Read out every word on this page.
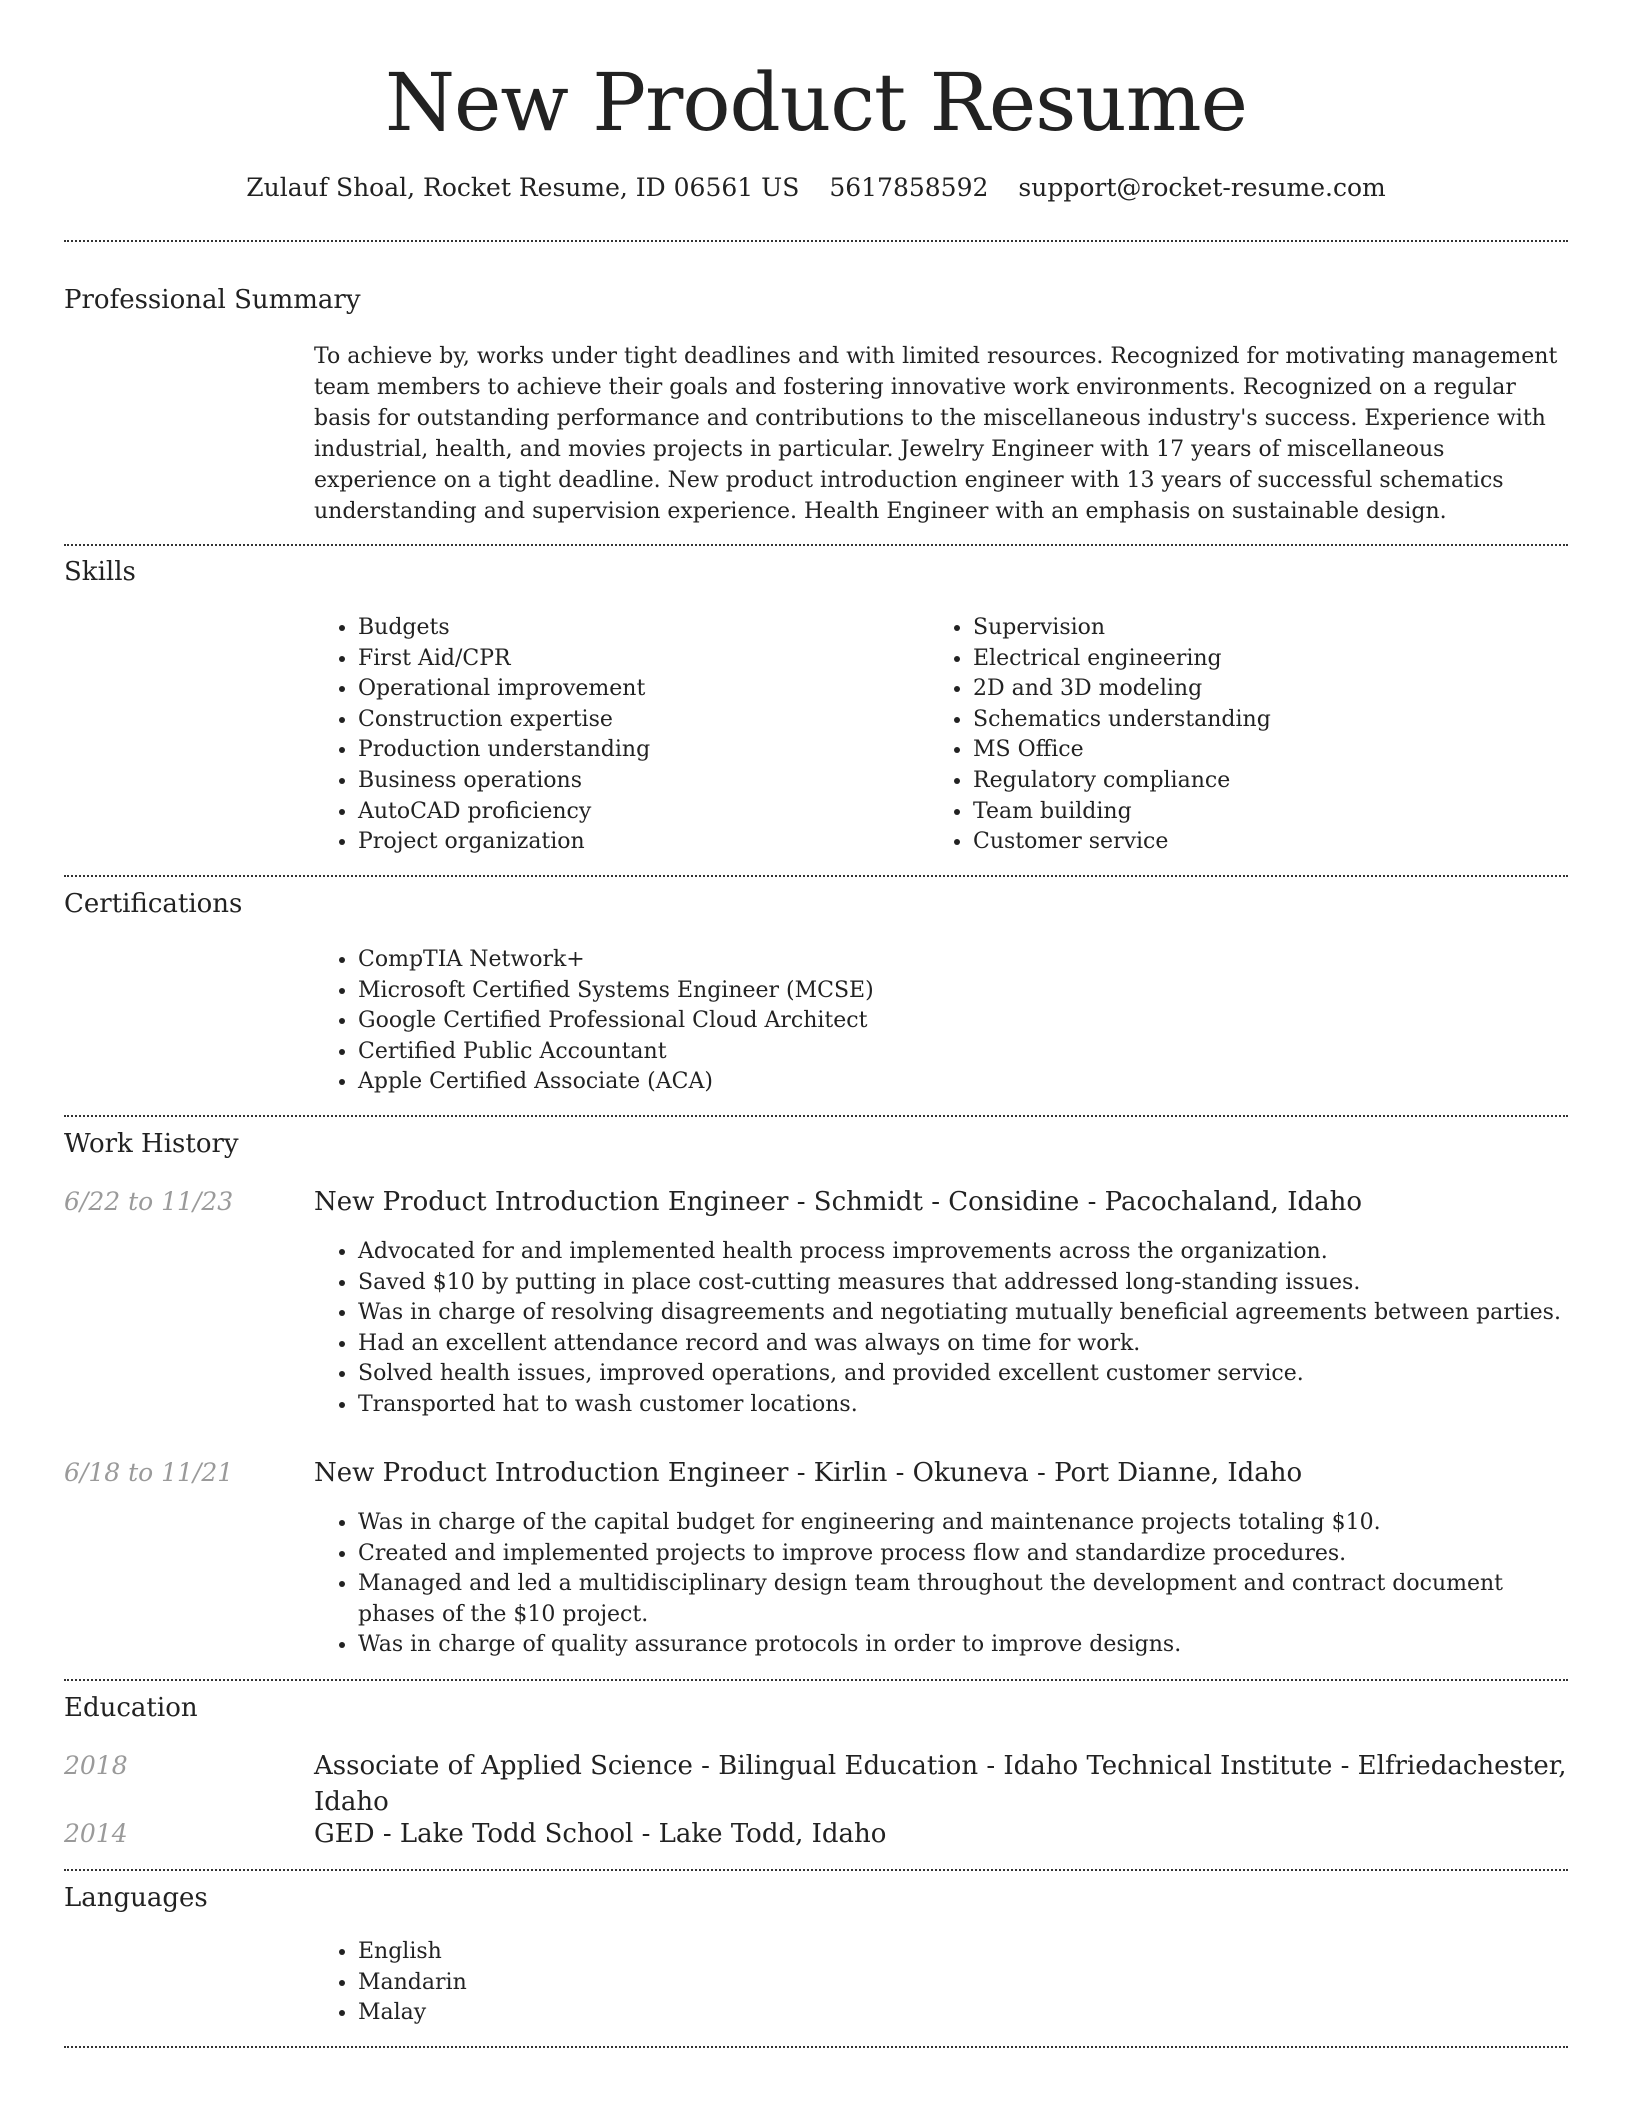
New Product Resume
Zulauf Shoal, Rocket Resume, ID 06561 US 5617858592 support@rocket-resume.com
Professional Summary
To achieve by, works under tight deadlines and with limited resources. Recognized for motivating management team members to achieve their goals and fostering innovative work environments. Recognized on a regular basis for outstanding performance and contributions to the miscellaneous industry's success. Experience with industrial, health, and movies projects in particular. Jewelry Engineer with 17 years of miscellaneous experience on a tight deadline. New product introduction engineer with 13 years of successful schematics understanding and supervision experience. Health Engineer with an emphasis on sustainable design.
Skills
• Budgets
• First Aid/CPR
• Operational improvement
• Construction expertise
• Production understanding
• Business operations
• AutoCAD proficiency
• Project organization
• Supervision
• Electrical engineering
• 2D and 3D modeling
• Schematics understanding
• MS Office
• Regulatory compliance
• Team building
• Customer service
Certifications
• CompTIA Network+
• Microsoft Certified Systems Engineer (MCSE)
• Google Certified Professional Cloud Architect
• Certified Public Accountant
• Apple Certified Associate (ACA)
Work History
6/22 to 11/23	New Product Introduction Engineer - Schmidt - Considine - Pacochaland, Idaho
• Advocated for and implemented health process improvements across the organization.
• Saved $10 by putting in place cost-cutting measures that addressed long-standing issues.
• Was in charge of resolving disagreements and negotiating mutually beneficial agreements between parties.
• Had an excellent attendance record and was always on time for work.
• Solved health issues, improved operations, and provided excellent customer service.
• Transported hat to wash customer locations.
6/18 to 11/21	New Product Introduction Engineer - Kirlin - Okuneva - Port Dianne, Idaho
• Was in charge of the capital budget for engineering and maintenance projects totaling $10.
• Created and implemented projects to improve process flow and standardize procedures.
• Managed and led a multidisciplinary design team throughout the development and contract document phases of the $10 project.
• Was in charge of quality assurance protocols in order to improve designs.
Education
2018	Associate of Applied Science - Bilingual Education - Idaho Technical Institute - Elfriedachester, Idaho
2014	GED - Lake Todd School - Lake Todd, Idaho
Languages
• English
• Mandarin
• Malay
